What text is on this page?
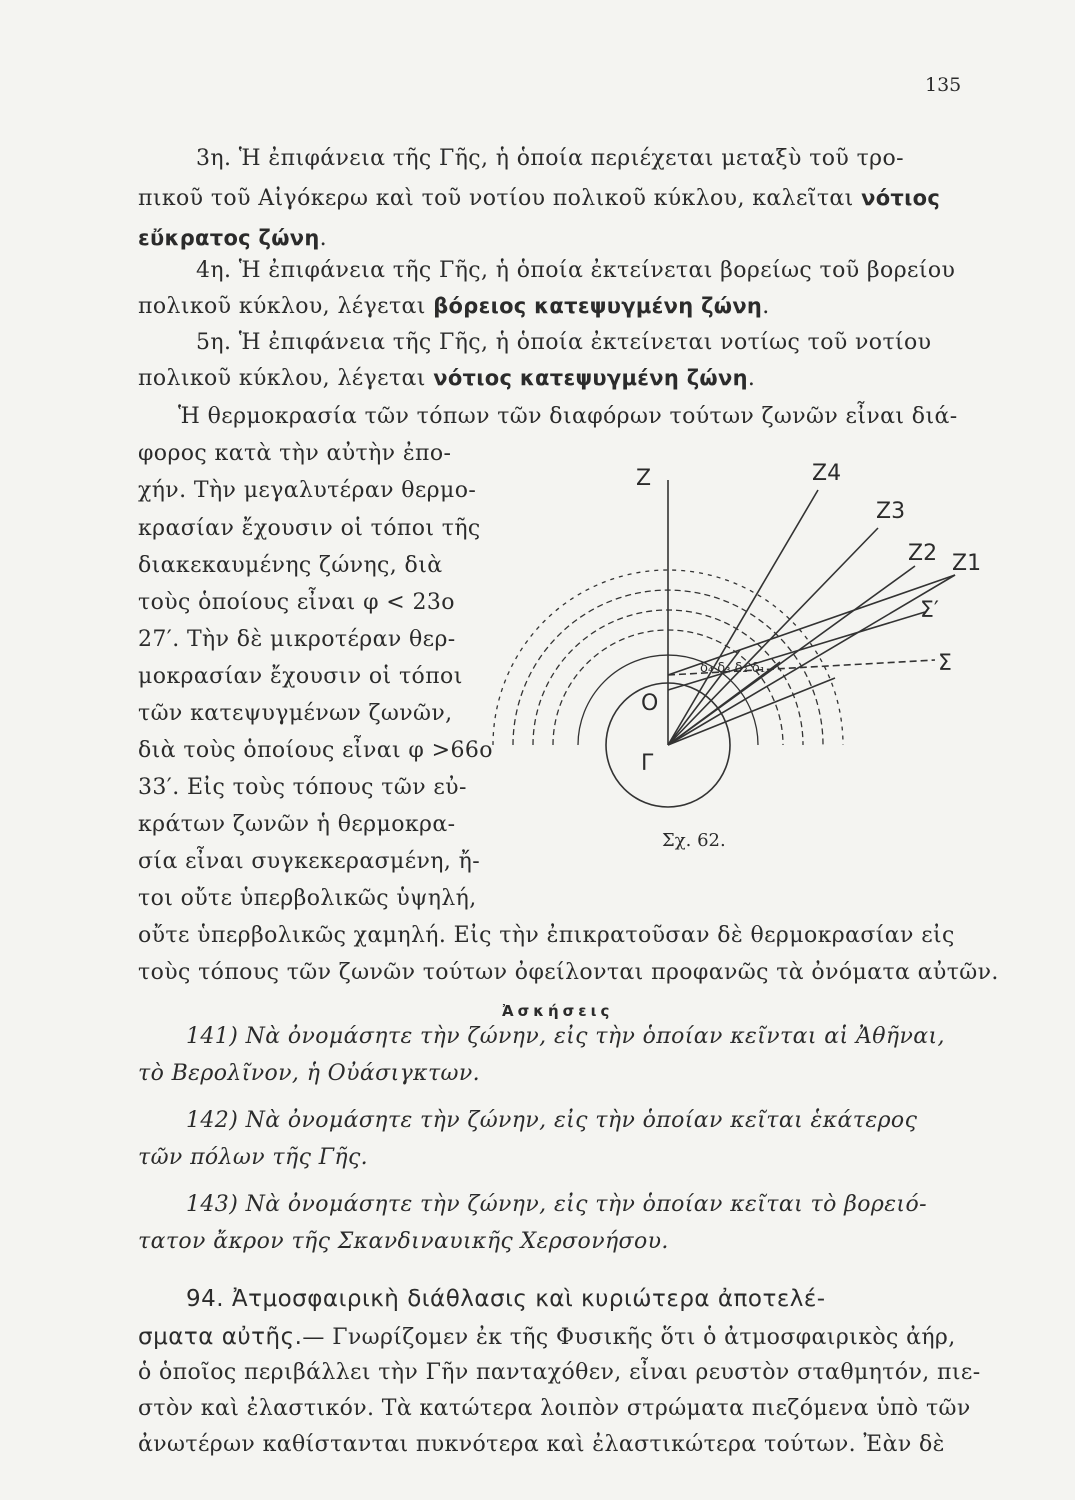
135
3η. Ἡ ἐπιφάνεια τῆς Γῆς, ἡ ὁποία περιέχεται μεταξὺ τοῦ τρο-
πικοῦ τοῦ Αἰγόκερω καὶ τοῦ νοτίου πολικοῦ κύκλου, καλεῖται νότιος
εὔκρατος ζώνη.
4η. Ἡ ἐπιφάνεια τῆς Γῆς, ἡ ὁποία ἐκτείνεται βορείως τοῦ βορείου
πολικοῦ κύκλου, λέγεται βόρειος κατεψυγμένη ζώνη.
5η. Ἡ ἐπιφάνεια τῆς Γῆς, ἡ ὁποία ἐκτείνεται νοτίως τοῦ νοτίου
πολικοῦ κύκλου, λέγεται νότιος κατεψυγμένη ζώνη.
Ἡ θερμοκρασία τῶν τόπων τῶν διαφόρων τούτων ζωνῶν εἶναι διά-
φορος κατὰ τὴν αὐτὴν ἐπο-
χήν. Τὴν μεγαλυτέραν θερμο-
κρασίαν ἔχουσιν οἱ τόποι τῆς
διακεκαυμένης ζώνης, διὰ
τοὺς ὁποίους εἶναι φ < 23ο
27′. Τὴν δὲ μικροτέραν θερ-
μοκρασίαν ἔχουσιν οἱ τόποι
τῶν κατεψυγμένων ζωνῶν,
διὰ τοὺς ὁποίους εἶναι φ >66ο
33′. Εἰς τοὺς τόπους τῶν εὐ-
κράτων ζωνῶν ἡ θερμοκρα-
σία εἶναι συγκεκερασμένη, ἤ-
τοι οὔτε ὑπερβολικῶς ὑψηλή,
οὔτε ὑπερβολικῶς χαμηλή. Εἰς τὴν ἐπικρατοῦσαν δὲ θερμοκρασίαν εἰς
τοὺς τόπους τῶν ζωνῶν τούτων ὀφείλονται προφανῶς τὰ ὀνόματα αὐτῶν.
Z	Z4
Z3
Z2 Z1
Σ′
Σ
O
Γ
δ₄ δ₃ δ₂ δ₁
Σχ. 62.
Ἀσκήσεις
141) Νὰ ὀνομάσητε τὴν ζώνην, εἰς τὴν ὁποίαν κεῖνται αἱ Ἀθῆναι,
τὸ Βερολῖνον, ἡ Οὐάσιγκτων.
142) Νὰ ὀνομάσητε τὴν ζώνην, εἰς τὴν ὁποίαν κεῖται ἑκάτερος
τῶν πόλων τῆς Γῆς.
143) Νὰ ὀνομάσητε τὴν ζώνην, εἰς τὴν ὁποίαν κεῖται τὸ βορειό-
τατον ἄκρον τῆς Σκανδιναυικῆς Χερσονήσου.
94. Ἀτμοσφαιρικὴ διάθλασις καὶ κυριώτερα ἀποτελέ-
σματα αὐτῆς.— Γνωρίζομεν ἐκ τῆς Φυσικῆς ὅτι ὁ ἀτμοσφαιρικὸς ἀήρ,
ὁ ὁποῖος περιβάλλει τὴν Γῆν πανταχόθεν, εἶναι ρευστὸν σταθμητόν, πιε-
στὸν καὶ ἐλαστικόν. Τὰ κατώτερα λοιπὸν στρώματα πιεζόμενα ὑπὸ τῶν
ἀνωτέρων καθίστανται πυκνότερα καὶ ἐλαστικώτερα τούτων. Ἐὰν δὲ
